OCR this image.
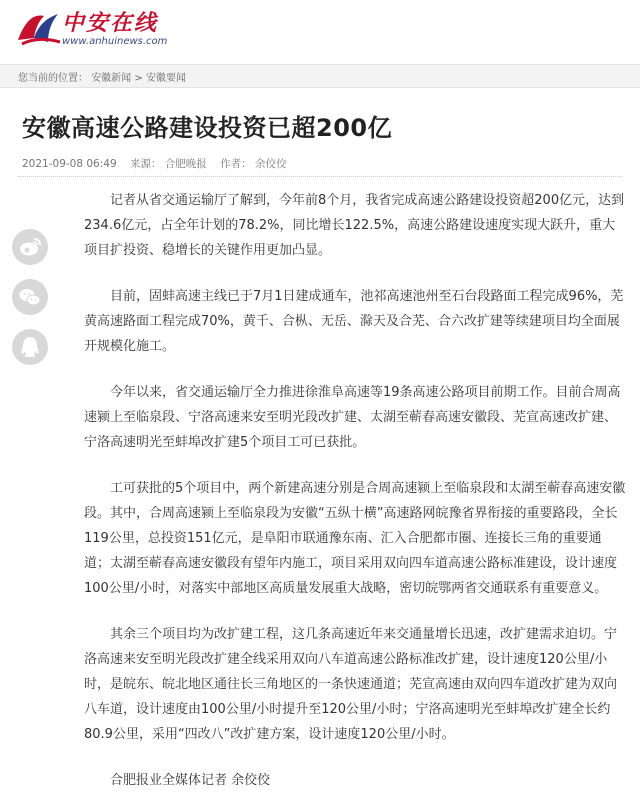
中安在线
www.anhuinews.com
您当前的位置： 安徽新闻 > 安徽要闻
安徽高速公路建设投资已超200亿
2021-09-08 06:49 来源： 合肥晚报 作者： 余佼佼

记者从省交通运输厅了解到，今年前8个月，我省完成高速公路建设投资超200亿元，达到234.6亿元，占全年计划的78.2%，同比增长122.5%，高速公路建设速度实现大跃升，重大项目扩投资、稳增长的关键作用更加凸显。

目前，固蚌高速主线已于7月1日建成通车，池祁高速池州至石台段路面工程完成96%，芜黄高速路面工程完成70%，黄千、合枞、无岳、滁天及合芜、合六改扩建等续建项目均全面展开规模化施工。

今年以来，省交通运输厅全力推进徐淮阜高速等19条高速公路项目前期工作。目前合周高速颍上至临泉段、宁洛高速来安至明光段改扩建、太湖至蕲春高速安徽段、芜宣高速改扩建、宁洛高速明光至蚌埠改扩建5个项目工可已获批。

工可获批的5个项目中，两个新建高速分别是合周高速颍上至临泉段和太湖至蕲春高速安徽段。其中，合周高速颍上至临泉段为安徽“五纵十横”高速路网皖豫省界衔接的重要路段，全长119公里，总投资151亿元，是阜阳市联通豫东南、汇入合肥都市圈、连接长三角的重要通道；太湖至蕲春高速安徽段有望年内施工，项目采用双向四车道高速公路标准建设，设计速度100公里/小时，对落实中部地区高质量发展重大战略，密切皖鄂两省交通联系有重要意义。

其余三个项目均为改扩建工程，这几条高速近年来交通量增长迅速，改扩建需求迫切。宁洛高速来安至明光段改扩建全线采用双向八车道高速公路标准改扩建，设计速度120公里/小时，是皖东、皖北地区通往长三角地区的一条快速通道；芜宣高速由双向四车道改扩建为双向八车道，设计速度由100公里/小时提升至120公里/小时；宁洛高速明光至蚌埠改扩建全长约80.9公里，采用“四改八”改扩建方案，设计速度120公里/小时。

合肥报业全媒体记者 余佼佼
